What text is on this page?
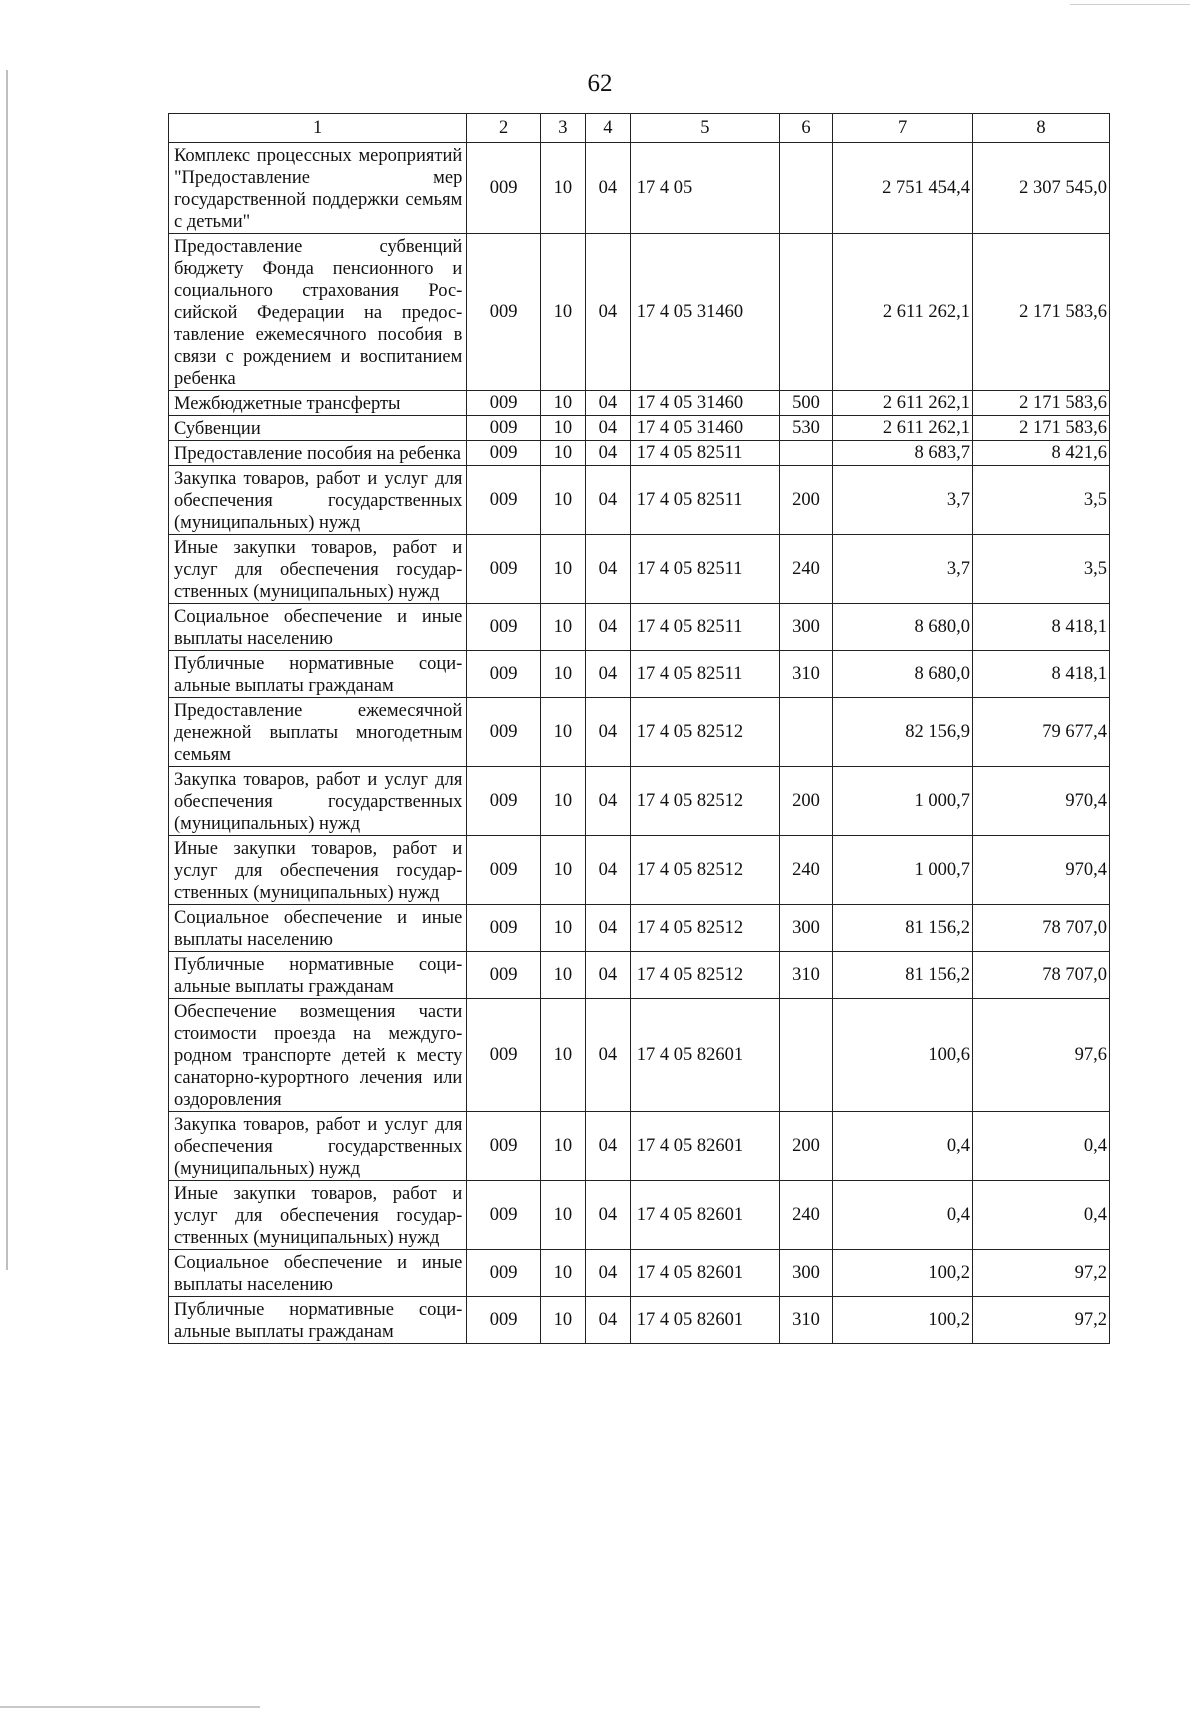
62
1	2	3	4	5	6	7	8
Комплекс процессных мероприятий "Предоставление мер государственной поддержки семьям с детьми"	009	10	04	17 4 05		2 751 454,4	2 307 545,0
Предоставление субвенций бюджету Фонда пенсионного и социального страхования Российской Федерации на предоставление ежемесячного пособия в связи с рождением и воспитанием ребенка	009	10	04	17 4 05 31460		2 611 262,1	2 171 583,6
Межбюджетные трансферты	009	10	04	17 4 05 31460	500	2 611 262,1	2 171 583,6
Субвенции	009	10	04	17 4 05 31460	530	2 611 262,1	2 171 583,6
Предоставление пособия на ребенка	009	10	04	17 4 05 82511		8 683,7	8 421,6
Закупка товаров, работ и услуг для обеспечения государственных (муниципальных) нужд	009	10	04	17 4 05 82511	200	3,7	3,5
Иные закупки товаров, работ и услуг для обеспечения государственных (муниципальных) нужд	009	10	04	17 4 05 82511	240	3,7	3,5
Социальное обеспечение и иные выплаты населению	009	10	04	17 4 05 82511	300	8 680,0	8 418,1
Публичные нормативные социальные выплаты гражданам	009	10	04	17 4 05 82511	310	8 680,0	8 418,1
Предоставление ежемесячной денежной выплаты многодетным семьям	009	10	04	17 4 05 82512		82 156,9	79 677,4
Закупка товаров, работ и услуг для обеспечения государственных (муниципальных) нужд	009	10	04	17 4 05 82512	200	1 000,7	970,4
Иные закупки товаров, работ и услуг для обеспечения государственных (муниципальных) нужд	009	10	04	17 4 05 82512	240	1 000,7	970,4
Социальное обеспечение и иные выплаты населению	009	10	04	17 4 05 82512	300	81 156,2	78 707,0
Публичные нормативные социальные выплаты гражданам	009	10	04	17 4 05 82512	310	81 156,2	78 707,0
Обеспечение возмещения части стоимости проезда на междугородном транспорте детей к месту санаторно-курортного лечения или оздоровления	009	10	04	17 4 05 82601		100,6	97,6
Закупка товаров, работ и услуг для обеспечения государственных (муниципальных) нужд	009	10	04	17 4 05 82601	200	0,4	0,4
Иные закупки товаров, работ и услуг для обеспечения государственных (муниципальных) нужд	009	10	04	17 4 05 82601	240	0,4	0,4
Социальное обеспечение и иные выплаты населению	009	10	04	17 4 05 82601	300	100,2	97,2
Публичные нормативные социальные выплаты гражданам	009	10	04	17 4 05 82601	310	100,2	97,2
